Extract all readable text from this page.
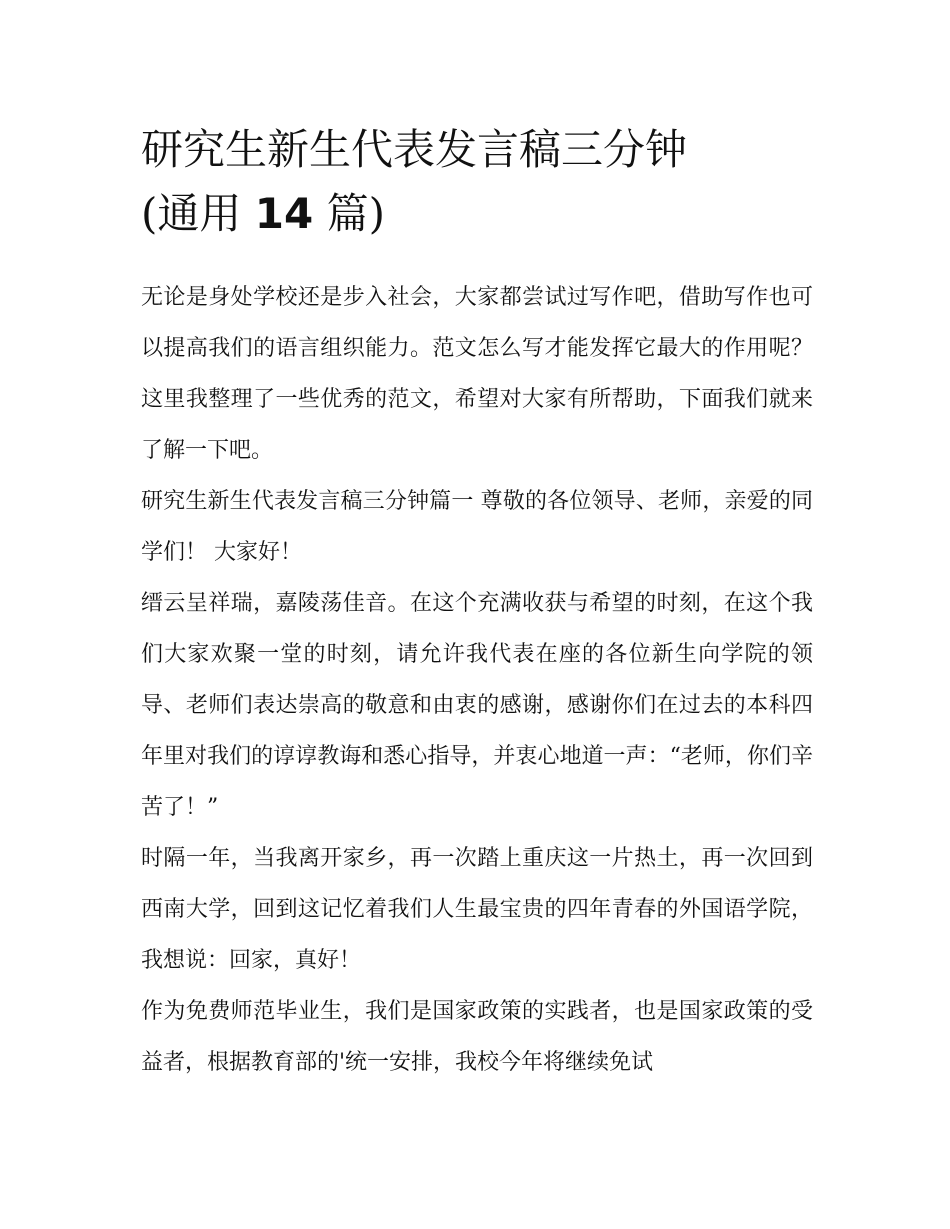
研究生新生代表发言稿三分钟
(通用 14 篇)

无论是身处学校还是步入社会，大家都尝试过写作吧，借助写作也可以提高我们的语言组织能力。范文怎么写才能发挥它最大的作用呢？这里我整理了一些优秀的范文，希望对大家有所帮助，下面我们就来了解一下吧。

研究生新生代表发言稿三分钟篇一 尊敬的各位领导、老师，亲爱的同学们！ 大家好！

缙云呈祥瑞，嘉陵荡佳音。在这个充满收获与希望的时刻，在这个我们大家欢聚一堂的时刻，请允许我代表在座的各位新生向学院的领导、老师们表达崇高的敬意和由衷的感谢，感谢你们在过去的本科四年里对我们的谆谆教诲和悉心指导，并衷心地道一声：“老师，你们辛苦了！”

时隔一年，当我离开家乡，再一次踏上重庆这一片热土，再一次回到西南大学，回到这记忆着我们人生最宝贵的四年青春的外国语学院，我想说：回家，真好！

作为免费师范毕业生，我们是国家政策的实践者，也是国家政策的受益者，根据教育部的'统一安排，我校今年将继续免试
